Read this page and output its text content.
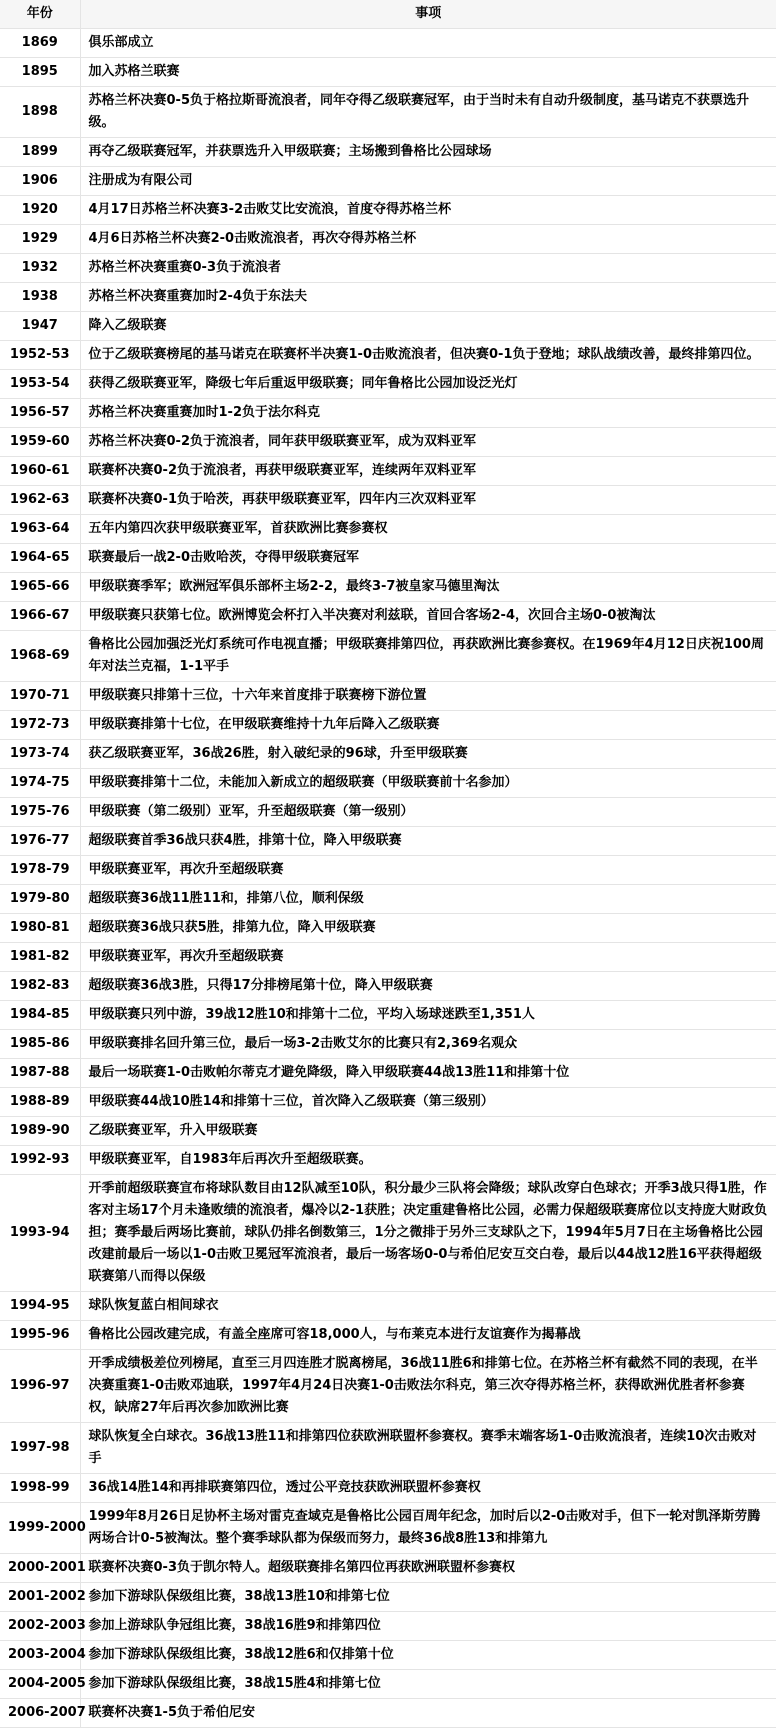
年份	事项
1869	俱乐部成立
1895	加入苏格兰联赛
1898	苏格兰杯决赛0-5负于格拉斯哥流浪者，同年夺得乙级联赛冠军，由于当时未有自动升级制度，基马诺克不获票选升级。
1899	再夺乙级联赛冠军，并获票选升入甲级联赛；主场搬到鲁格比公园球场
1906	注册成为有限公司
1920	4月17日苏格兰杯决赛3-2击败艾比安流浪，首度夺得苏格兰杯
1929	4月6日苏格兰杯决赛2-0击败流浪者，再次夺得苏格兰杯
1932	苏格兰杯决赛重赛0-3负于流浪者
1938	苏格兰杯决赛重赛加时2-4负于东法夫
1947	降入乙级联赛
1952-53	位于乙级联赛榜尾的基马诺克在联赛杯半决赛1-0击败流浪者，但决赛0-1负于登地；球队战绩改善，最终排第四位。
1953-54	获得乙级联赛亚军，降级七年后重返甲级联赛；同年鲁格比公园加设泛光灯
1956-57	苏格兰杯决赛重赛加时1-2负于法尔科克
1959-60	苏格兰杯决赛0-2负于流浪者，同年获甲级联赛亚军，成为双料亚军
1960-61	联赛杯决赛0-2负于流浪者，再获甲级联赛亚军，连续两年双料亚军
1962-63	联赛杯决赛0-1负于哈茨，再获甲级联赛亚军，四年内三次双料亚军
1963-64	五年内第四次获甲级联赛亚军，首获欧洲比赛参赛权
1964-65	联赛最后一战2-0击败哈茨，夺得甲级联赛冠军
1965-66	甲级联赛季军；欧洲冠军俱乐部杯主场2-2，最终3-7被皇家马德里淘汰
1966-67	甲级联赛只获第七位。欧洲博览会杯打入半决赛对利兹联，首回合客场2-4，次回合主场0-0被淘汰
1968-69	鲁格比公园加强泛光灯系统可作电视直播；甲级联赛排第四位，再获欧洲比赛参赛权。在1969年4月12日庆祝100周年对法兰克福，1-1平手
1970-71	甲级联赛只排第十三位，十六年来首度排于联赛榜下游位置
1972-73	甲级联赛排第十七位，在甲级联赛维持十九年后降入乙级联赛
1973-74	获乙级联赛亚军，36战26胜，射入破纪录的96球，升至甲级联赛
1974-75	甲级联赛排第十二位，未能加入新成立的超级联赛（甲级联赛前十名参加）
1975-76	甲级联赛（第二级别）亚军，升至超级联赛（第一级别）
1976-77	超级联赛首季36战只获4胜，排第十位，降入甲级联赛
1978-79	甲级联赛亚军，再次升至超级联赛
1979-80	超级联赛36战11胜11和，排第八位，顺利保级
1980-81	超级联赛36战只获5胜，排第九位，降入甲级联赛
1981-82	甲级联赛亚军，再次升至超级联赛
1982-83	超级联赛36战3胜，只得17分排榜尾第十位，降入甲级联赛
1984-85	甲级联赛只列中游，39战12胜10和排第十二位，平均入场球迷跌至1,351人
1985-86	甲级联赛排名回升第三位，最后一场3-2击败艾尔的比赛只有2,369名观众
1987-88	最后一场联赛1-0击败帕尔蒂克才避免降级，降入甲级联赛44战13胜11和排第十位
1988-89	甲级联赛44战10胜14和排第十三位，首次降入乙级联赛（第三级别）
1989-90	乙级联赛亚军，升入甲级联赛
1992-93	甲级联赛亚军，自1983年后再次升至超级联赛。
1993-94	开季前超级联赛宣布将球队数目由12队减至10队，积分最少三队将会降级；球队改穿白色球衣；开季3战只得1胜，作客对主场17个月未逢败绩的流浪者，爆冷以2-1获胜；决定重建鲁格比公园，必需力保超级联赛席位以支持庞大财政负担；赛季最后两场比赛前，球队仍排名倒数第三，1分之微排于另外三支球队之下，1994年5月7日在主场鲁格比公园改建前最后一场以1-0击败卫冕冠军流浪者，最后一场客场0-0与希伯尼安互交白卷，最后以44战12胜16平获得超级联赛第八而得以保级
1994-95	球队恢复蓝白相间球衣
1995-96	鲁格比公园改建完成，有盖全座席可容18,000人，与布莱克本进行友谊赛作为揭幕战
1996-97	开季成绩极差位列榜尾，直至三月四连胜才脱离榜尾，36战11胜6和排第七位。在苏格兰杯有截然不同的表现，在半决赛重赛1-0击败邓迪联，1997年4月24日决赛1-0击败法尔科克，第三次夺得苏格兰杯，获得欧洲优胜者杯参赛权，缺席27年后再次参加欧洲比赛
1997-98	球队恢复全白球衣。36战13胜11和排第四位获欧洲联盟杯参赛权。赛季末端客场1-0击败流浪者，连续10次击败对手
1998-99	36战14胜14和再排联赛第四位，透过公平竞技获欧洲联盟杯参赛权
1999-2000	1999年8月26日足协杯主场对雷克查域克是鲁格比公园百周年纪念，加时后以2-0击败对手，但下一轮对凯泽斯劳腾两场合计0-5被淘汰。整个赛季球队都为保级而努力，最终36战8胜13和排第九
2000-2001	联赛杯决赛0-3负于凯尔特人。超级联赛排名第四位再获欧洲联盟杯参赛权
2001-2002	参加下游球队保级组比赛，38战13胜10和排第七位
2002-2003	参加上游球队争冠组比赛，38战16胜9和排第四位
2003-2004	参加下游球队保级组比赛，38战12胜6和仅排第十位
2004-2005	参加下游球队保级组比赛，38战15胜4和排第七位
2006-2007	联赛杯决赛1-5负于希伯尼安
